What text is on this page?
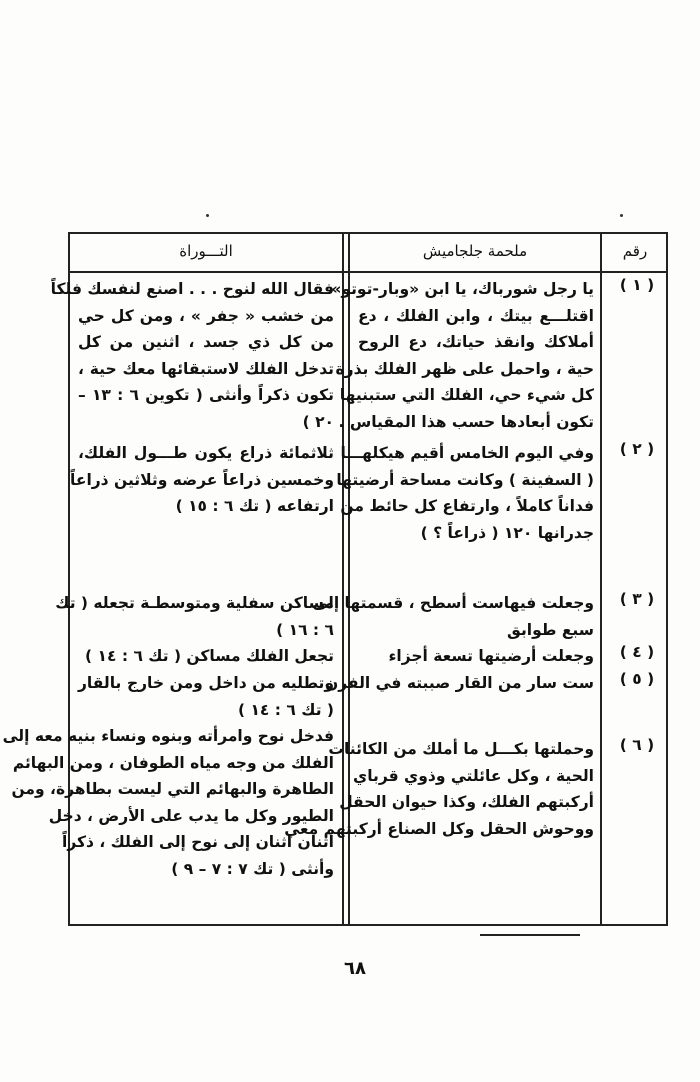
رقم
ملحمة جلجاميش
التـــوراة
( ١ )
يا رجل شورباك، يا ابن «وبار-توتو»
اقتلـــع بيتك ، وابن الفلك ، دع
أملاكك وانقذ حياتك، دع الروح
حية ، واحمل على ظهر الفلك بذرة
كل شيء حي، الفلك التي ستبنيها
تكون أبعادها حسب هذا المقياس .
فقال الله لنوح . . . اصنع لنفسك فلكاً
من خشب « جفر » ، ومن كل حي
من كل ذي جسد ، اثنين من كل
تدخل الفلك لاستبقائها معك حية ،
تكون ذكراً وأنثى ( تكوين ٦ : ١٣ –
٢٠ )
( ٢ )
وفي اليوم الخامس أقيم هيكلهـــا
( السفينة ) وكانت مساحة أرضيتها
فداناً كاملاً ، وارتفاع كل حائط من
جدرانها ١٢٠ ( ذراعاً ؟ )
ثلاثمائة ذراع يكون طـــول الفلك،
وخمسين ذراعاً عرضه وثلاثين ذراعاً
ارتفاعه ( تك ٦ : ١٥ )
( ٣ )
وجعلت فيهاست أسطح ، قسمتها إلى
سبع طوابق
مساكن سفلية ومتوسطـة تجعله ( تك
٦ : ١٦ )
( ٤ )
وجعلت أرضيتها تسعة أجزاء
تجعل الفلك مساكن ( تك ٦ : ١٤ )
( ٥ )
ست سار من القار صببته في الفرن
وتطليه من داخل ومن خارج بالقار
( تك ٦ : ١٤ )
( ٦ )
وحملتها بكـــل ما أملك من الكائنات
الحية ، وكل عائلتي وذوي قرباي
أركبتهم الفلك، وكذا حيوان الحقل
ووحوش الحقل وكل الصناع أركبتهم معي
فدخل نوح وامرأته وبنوه ونساء بنيه معه إلى
الفلك من وجه مياه الطوفان ، ومن البهائم
الطاهرة والبهائم التي ليست بطاهرة، ومن
الطيور وكل ما يدب على الأرض ، دخل
اثنان اثنان إلى نوح إلى الفلك ، ذكراً
وأنثى ( تك ٧ : ٧ – ٩ )
٦٨
